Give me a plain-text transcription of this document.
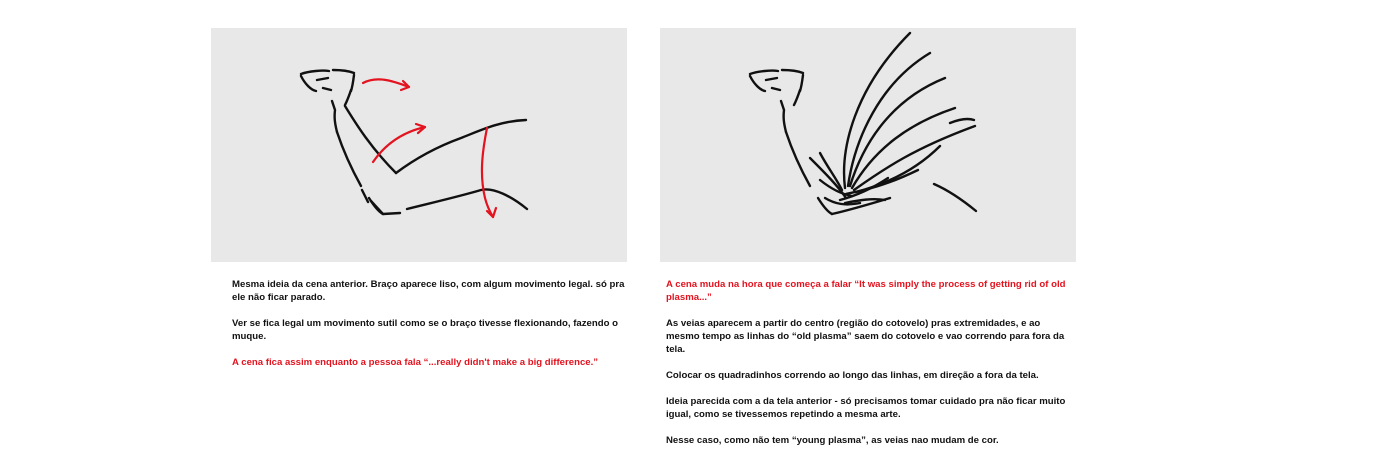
Mesma ideia da cena anterior. Braço aparece liso, com algum movimento legal. só pra ele não ficar parado.

Ver se fica legal um movimento sutil como se o braço tivesse flexionando, fazendo o muque.

A cena fica assim enquanto a pessoa fala “...really didn't make a big difference.”

A cena muda na hora que começa a falar “It was simply the process of getting rid of old plasma...”

As veias aparecem a partir do centro (região do cotovelo) pras extremidades, e ao mesmo tempo as linhas do “old plasma” saem do cotovelo e vao correndo para fora da tela.

Colocar os quadradinhos correndo ao longo das linhas, em direção a fora da tela.

Ideia parecida com a da tela anterior - só precisamos tomar cuidado pra não ficar muito igual, como se tivessemos repetindo a mesma arte.

Nesse caso, como não tem “young plasma”, as veias nao mudam de cor.
